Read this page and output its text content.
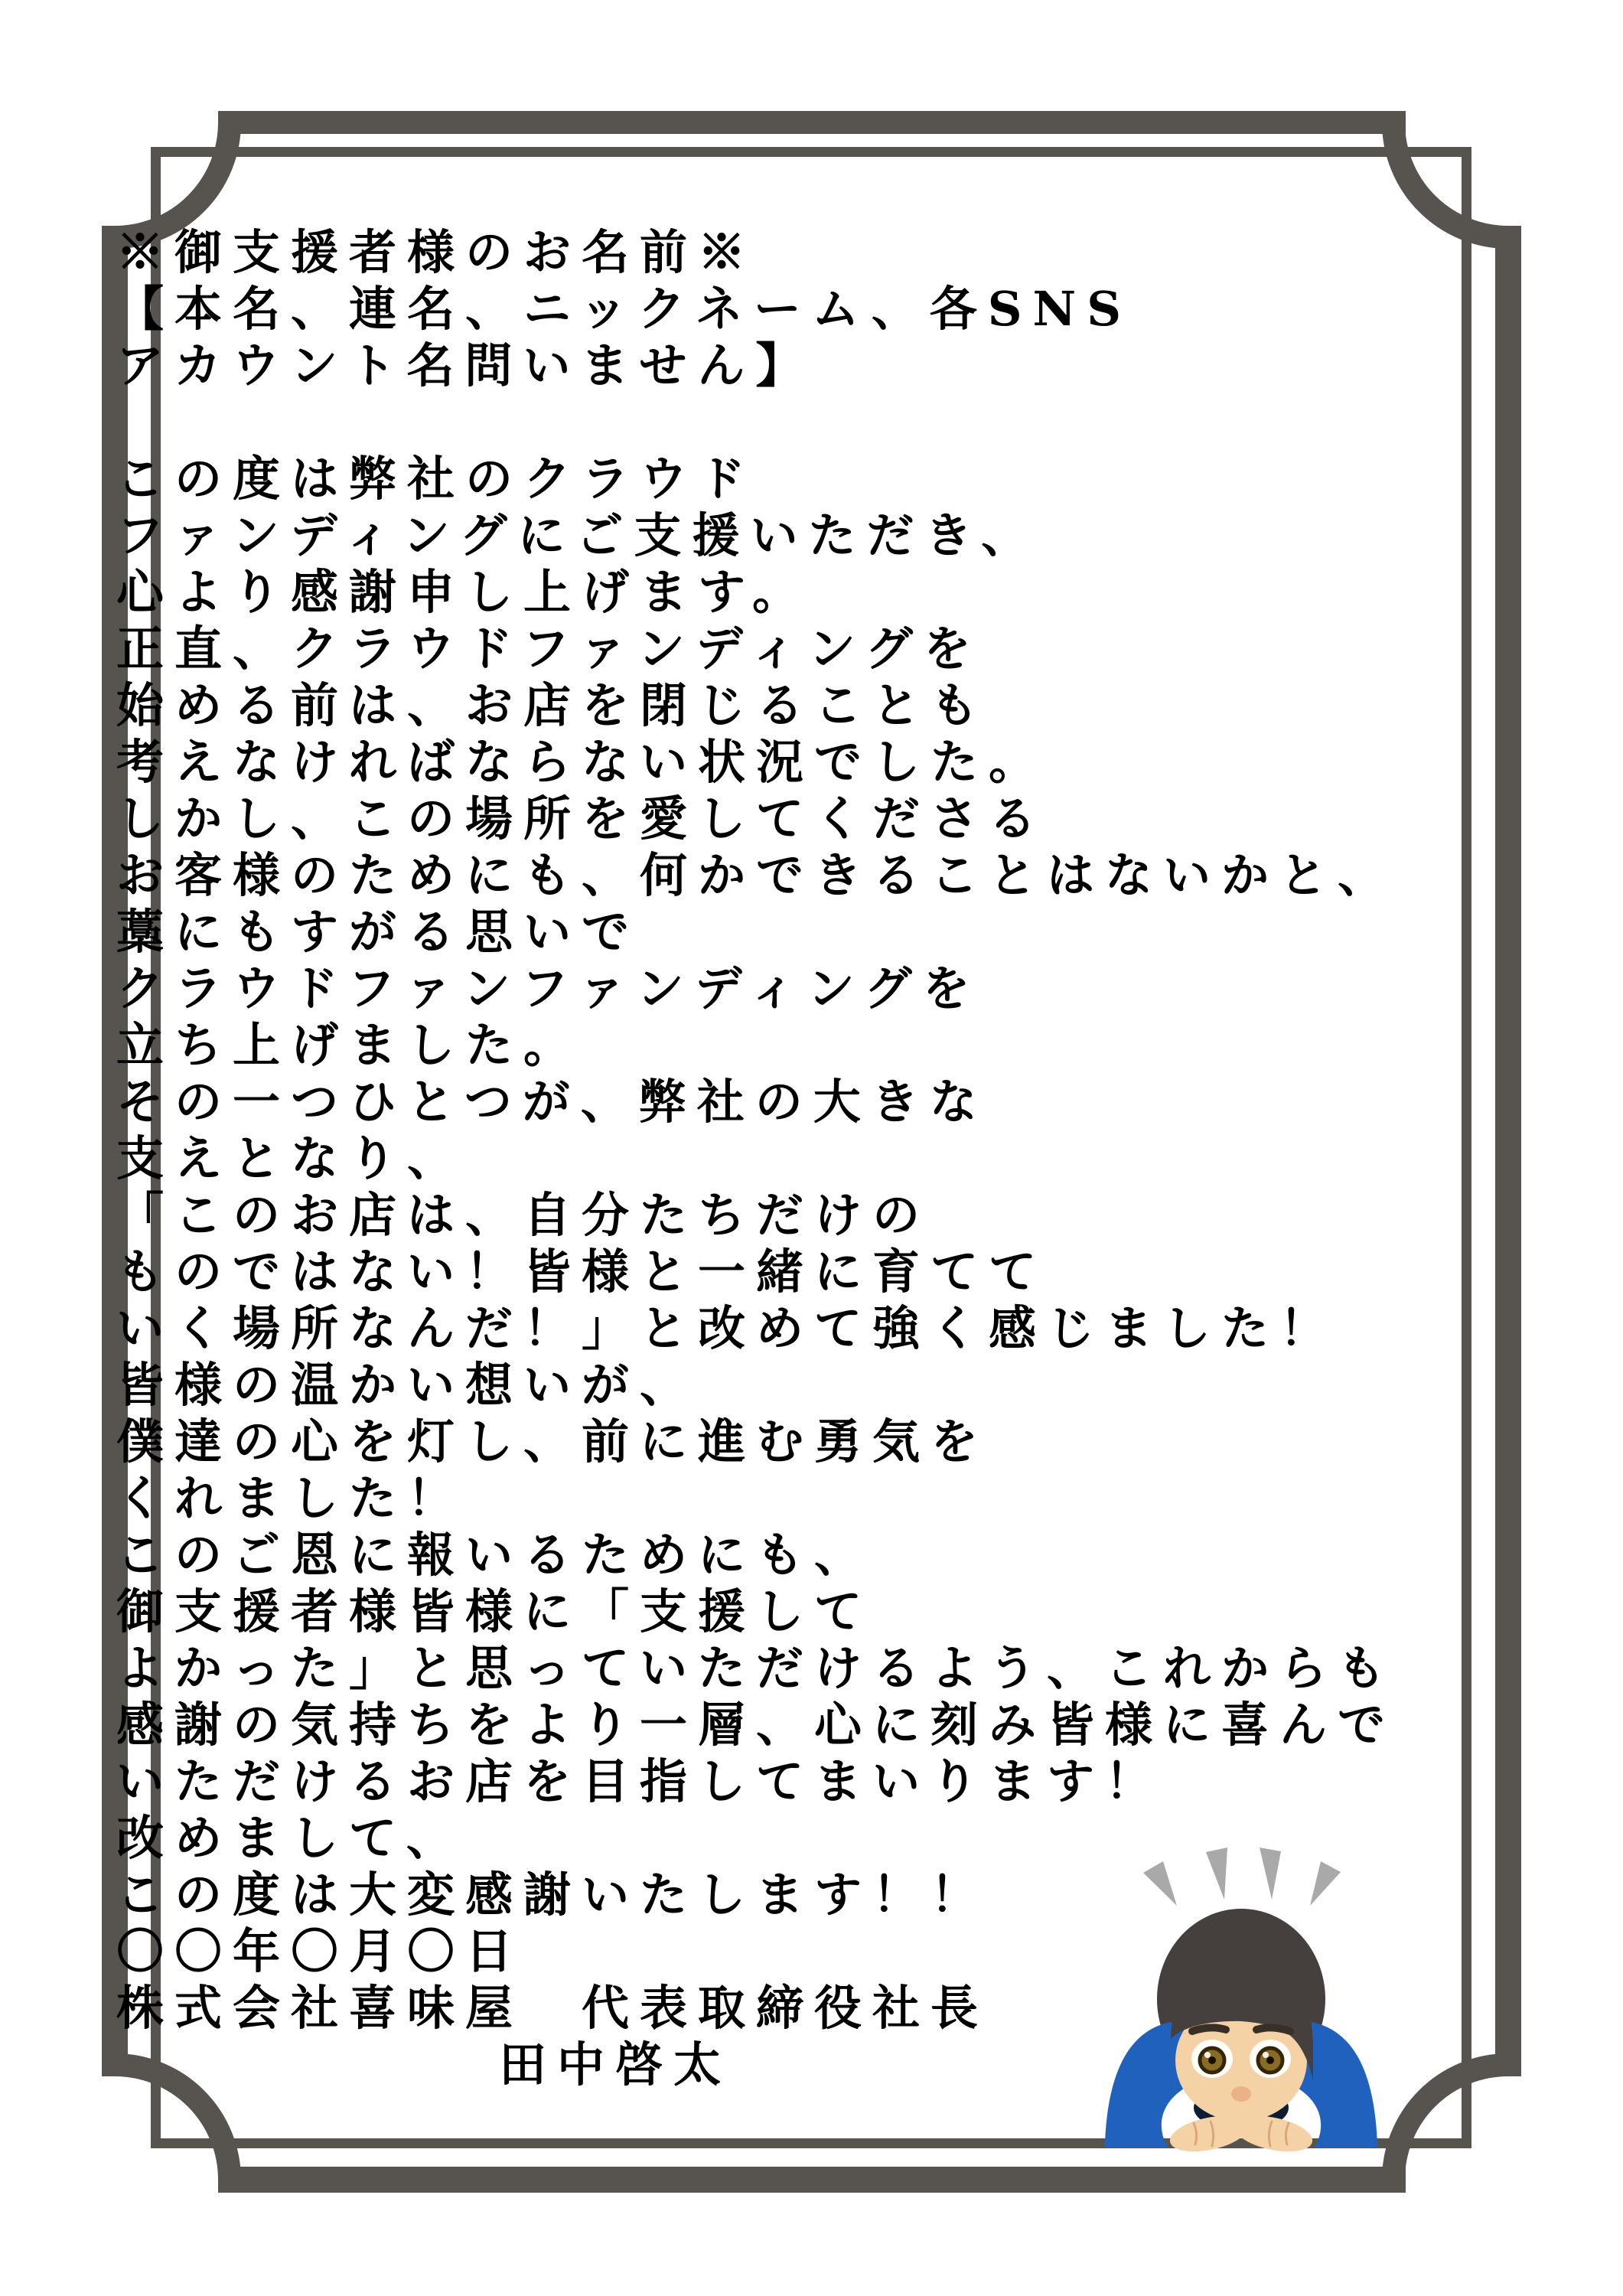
※御支援者様のお名前※
【本名、連名、ニックネーム、各SNS
アカウント名問いません】
この度は弊社のクラウド
ファンディングにご支援いただき、
心より感謝申し上げます。
正直、クラウドファンディングを
始める前は、お店を閉じることも
考えなければならない状況でした。
しかし、この場所を愛してくださる
お客様のためにも、何かできることはないかと、
藁にもすがる思いで
クラウドファンファンディングを
立ち上げました。
その一つひとつが、弊社の大きな
支えとなり、
「このお店は、自分たちだけの
ものではない！皆様と一緒に育てて
いく場所なんだ！」と改めて強く感じました！
皆様の温かい想いが、
僕達の心を灯し、前に進む勇気を
くれました！
このご恩に報いるためにも、
御支援者様皆様に「支援して
よかった」と思っていただけるよう、これからも
感謝の気持ちをより一層、心に刻み皆様に喜んで
いただけるお店を目指してまいります！
改めまして、
この度は大変感謝いたします！！
〇〇年〇月〇日
株式会社喜味屋　代表取締役社長
田中啓太
